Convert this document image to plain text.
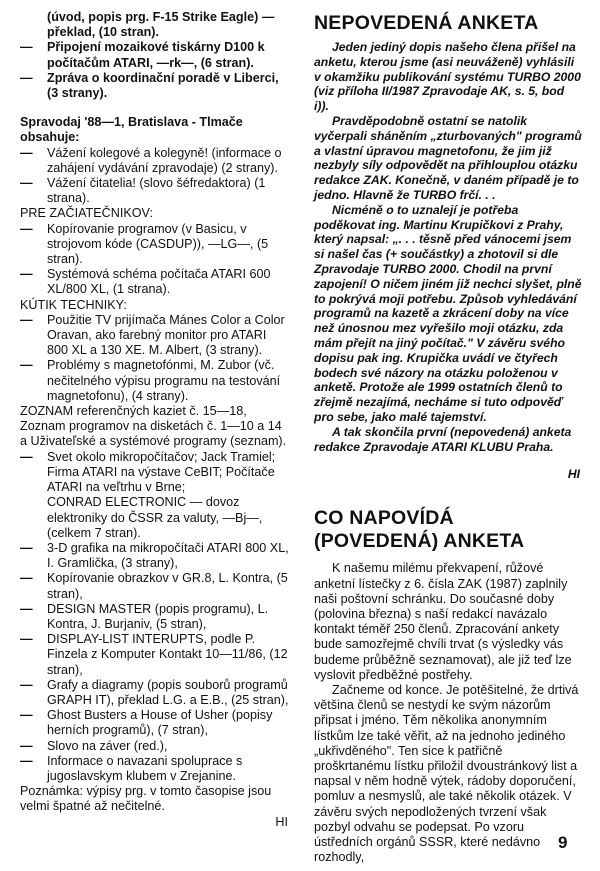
(úvod, popis prg. F-15 Strike Eagle) —

překlad, (10 stran).

— Připojení mozaikové tiskárny D100 k počítačům ATARI, —rk—, (6 stran).
— Zpráva o koordinační poradě v Liberci, (3 strany).

Spravodaj '88—1, Bratislava - Tlmače

obsahuje:

— Vážení kolegové a kolegyně! (informace o zahájení vydávání zpravodaje) (2 strany).
— Vážení čitatelia! (slovo šéfredaktora) (1 strana).

PRE ZAČIATEČNIKOV:

— Kopírovanie programov (v Basicu, v strojovom kóde (CASDUP)), —LG—, (5 stran).
— Systémová schéma počítača ATARI 600 XL/800 XL, (1 strana).

KÚTIK TECHNIKY:

— Použitie TV prijímača Mánes Color a Color Oravan, ako farebný monitor pro ATARI 800 XL a 130 XE. M. Albert, (3 strany).
— Problémy s magnetofónmi, M. Zubor (vč. nečitelného výpisu programu na testování magnetofonu), (4 strany).

ZOZNAM referenčných kaziet č. 15—18, Zoznam programov na disketách č. 1—10 a 14 a Uživateľské a systémové programy (seznam).

— Svet okolo mikropočítačov; Jack Tramiel; Firma ATARI na výstave CeBIT; Počítače ATARI na veľtrhu v Brne;

CONRAD ELECTRONIC — dovoz elektroniky do ČSSR za valuty, —Bj—, (celkem 7 stran).

— 3-D grafika na mikropočítači ATARI 800 XL, I. Gramlička, (3 strany),
— Kopírovanie obrazkov v GR.8, L. Kontra, (5 stran),
— DESIGN MASTER (popis programu), L. Kontra, J. Burjaniv, (5 stran),
— DISPLAY-LIST INTERUPTS, podle P. Finzela z Komputer Kontakt 10—11/86, (12 stran),
— Grafy a diagramy (popis souborů programů GRAPH IT), překlad L.G. a E.B., (25 stran),
— Ghost Busters a House of Usher (popisy herních programů), (7 stran),
— Slovo na záver (red.),
— Informace o navazani spoluprace s jugoslavskym klubem v Zrejanine.

Poznámka: výpisy prg. v tomto časopise jsou velmi špatné až nečitelné.

HI

NEPOVEDENÁ ANKETA

Jeden jediný dopis našeho člena přišel na anketu, kterou jsme (asi neuváženě) vyhlásili v okamžiku publikování systému TURBO 2000 (viz příloha II/1987 Zpravodaje AK, s. 5, bod i)).

Pravděpodobně ostatní se natolik vyčerpali sháněním „zturbovaných" programů a vlastní úpravou magnetofonu, že jim již nezbyly síly odpovědět na přihlouplou otázku redakce ZAK. Konečně, v daném případě je to jedno. Hlavně že TURBO frčí. . .

Nicméně o to uznalejí je potřeba poděkovat ing. Martinu Krupičkovi z Prahy, který napsal: „. . . těsně před vánocemi jsem si našel čas (+ součástky) a zhotovil si dle Zpravodaje TURBO 2000. Chodil na první zapojení! O ničem jiném již nechci slyšet, plně to pokrývá moji potřebu. Způsob vyhledávání programů na kazetě a zkrácení doby na více než únosnou mez vyřešilo moji otázku, zda mám přejít na jiný počítač." V závěru svého dopisu pak ing. Krupička uvádí ve čtyřech bodech své názory na otázku položenou v anketě. Protože ale 1999 ostatních členů to zřejmě nezajímá, necháme si tuto odpověď pro sebe, jako malé tajemství.

A tak skončila první (nepovedená) anketa redakce Zpravodaje ATARI KLUBU Praha.

HI

CO NAPOVÍDÁ (POVEDENÁ) ANKETA

K našemu milému překvapení, růžové anketní lístečky z 6. čísla ZAK (1987) zaplnily naši poštovní schránku. Do současné doby (polovina března) s naší redakcí navázalo kontakt téměř 250 členů. Zpracování ankety bude samozřejmě chvíli trvat (s výsledky vás budeme průběžně seznamovat), ale již teď lze vyslovit předběžné postřehy.

Začneme od konce. Je potěšitelné, že drtivá většina členů se nestydí ke svým názorům připsat i jméno. Těm několika anonymním lístkům lze také věřit, až na jednoho jediného „ukřivděného". Ten sice k patřičně proškrtanému lístku přiložil dvoustránkový list a napsal v něm hodně výtek, rádoby doporučení, pomluv a nesmyslů, ale také několik otázek. V závěru svých nepodložených tvrzení však pozbyl odvahu se podepsat. Po vzoru ústředních orgánů SSSR, které nedávno rozhodly,

9
